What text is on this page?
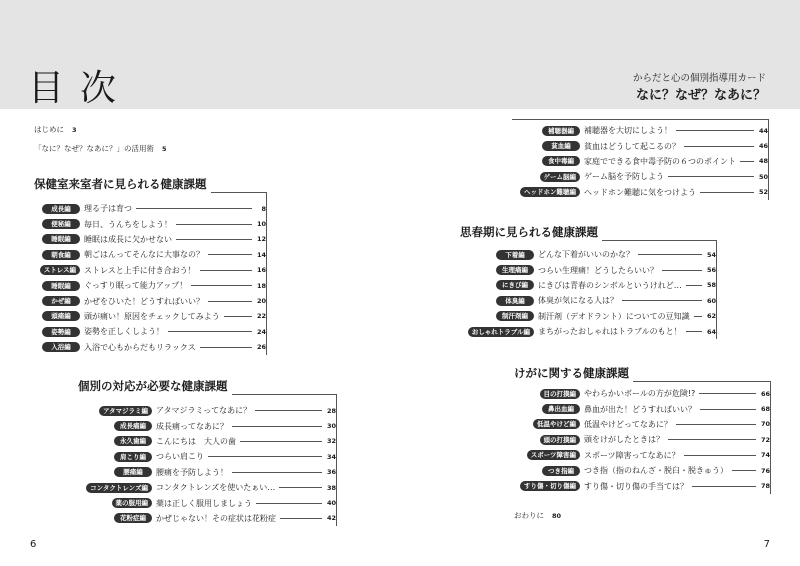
目次	からだと心の個別指導用カード
なに？なぜ？なあに？
はじめに 3
「なに？なぜ？なあに？」の活用術 5
保健室来室者に見られる健康課題
成長編	理る子は育つ	8
便秘編	毎日、うんちをしよう！	10
睡眠編	睡眠は成長に欠かせない	12
朝食編	朝ごはんってそんなに大事なの？	14
ストレス編	ストレスと上手に付き合おう！	16
睡眠編	ぐっすり眠って能力アップ！	18
かぜ編	かぜをひいた！どうすればいい？	20
頭痛編	頭が痛い！原因をチェックしてみよう	22
姿勢編	姿勢を正しくしよう！	24
入浴編	入浴で心もからだもリラックス	26
個別の対応が必要な健康課題
アタマジラミ編	アタマジラミってなあに？	28
成長痛編	成長痛ってなあに？	30
永久歯編	こんにちは　大人の歯	32
肩こり編	つらい肩こり	34
腰痛編	腰痛を予防しよう！	36
コンタクトレンズ編	コンタクトレンズを使いたぁい…	38
薬の服用編	薬は正しく服用しましょう	40
花粉症編	かぜじゃない！その症状は花粉症	42
補聴器編	補聴器を大切にしよう！	44
貧血編	貧血はどうして起こるの？	46
食中毒編	家庭でできる食中毒予防の６つのポイント	48
ゲーム脳編	ゲーム脳を予防しよう	50
ヘッドホン難聴編	ヘッドホン難聴に気をつけよう	52
思春期に見られる健康課題
下着編	どんな下着がいいのかな？	54
生理痛編	つらい生理痛！どうしたらいい？	56
にきび編	にきびは青春のシンボルというけれど…	58
体臭編	体臭が気になる人は？	60
制汗剤編	制汗剤（デオドラント）についての豆知識	62
おしゃれトラブル編	まちがったおしゃれはトラブルのもと！	64
けがに関する健康課題
目の打撲編	やわらかいボールの方が危険!?	66
鼻出血編	鼻血が出た！どうすればいい？	68
低温やけど編	低温やけどってなあに？	70
頭の打撲編	頭をけがしたときは？	72
スポーツ障害編	スポーツ障害ってなあに？	74
つき指編	つき指（指のねんざ・脱臼・脱きゅう）	76
すり傷・切り傷編	すり傷・切り傷の手当ては？	78
おわりに 80
6	7
